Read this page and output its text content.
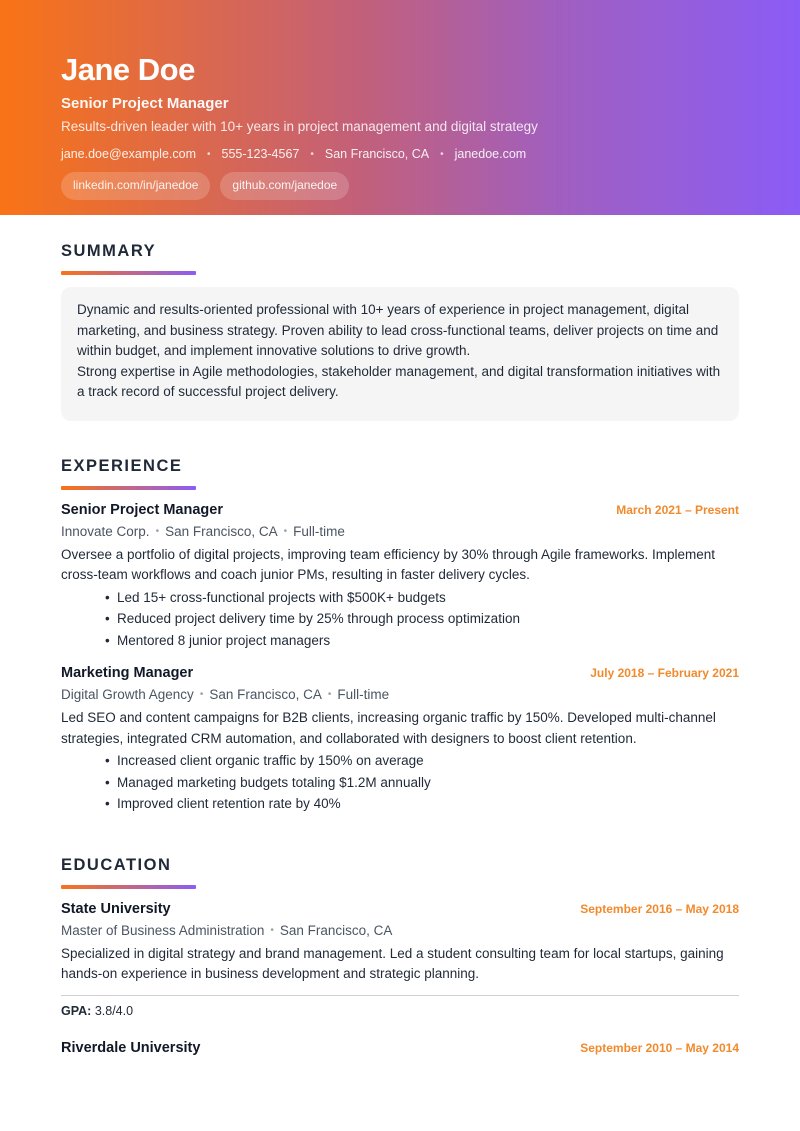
Jane Doe
Senior Project Manager
Results-driven leader with 10+ years in project management and digital strategy
jane.doe@example.com • 555-123-4567 • San Francisco, CA • janedoe.com
linkedin.com/in/janedoe	github.com/janedoe
SUMMARY
Dynamic and results-oriented professional with 10+ years of experience in project management, digital marketing, and business strategy. Proven ability to lead cross-functional teams, deliver projects on time and within budget, and implement innovative solutions to drive growth.
Strong expertise in Agile methodologies, stakeholder management, and digital transformation initiatives with a track record of successful project delivery.
EXPERIENCE
Senior Project Manager	March 2021 – Present
Innovate Corp. • San Francisco, CA • Full-time
Oversee a portfolio of digital projects, improving team efficiency by 30% through Agile frameworks. Implement cross-team workflows and coach junior PMs, resulting in faster delivery cycles.
• Led 15+ cross-functional projects with $500K+ budgets
• Reduced project delivery time by 25% through process optimization
• Mentored 8 junior project managers
Marketing Manager	July 2018 – February 2021
Digital Growth Agency • San Francisco, CA • Full-time
Led SEO and content campaigns for B2B clients, increasing organic traffic by 150%. Developed multi-channel strategies, integrated CRM automation, and collaborated with designers to boost client retention.
• Increased client organic traffic by 150% on average
• Managed marketing budgets totaling $1.2M annually
• Improved client retention rate by 40%
EDUCATION
State University	September 2016 – May 2018
Master of Business Administration • San Francisco, CA
Specialized in digital strategy and brand management. Led a student consulting team for local startups, gaining hands-on experience in business development and strategic planning.
GPA: 3.8/4.0
Riverdale University	September 2010 – May 2014
